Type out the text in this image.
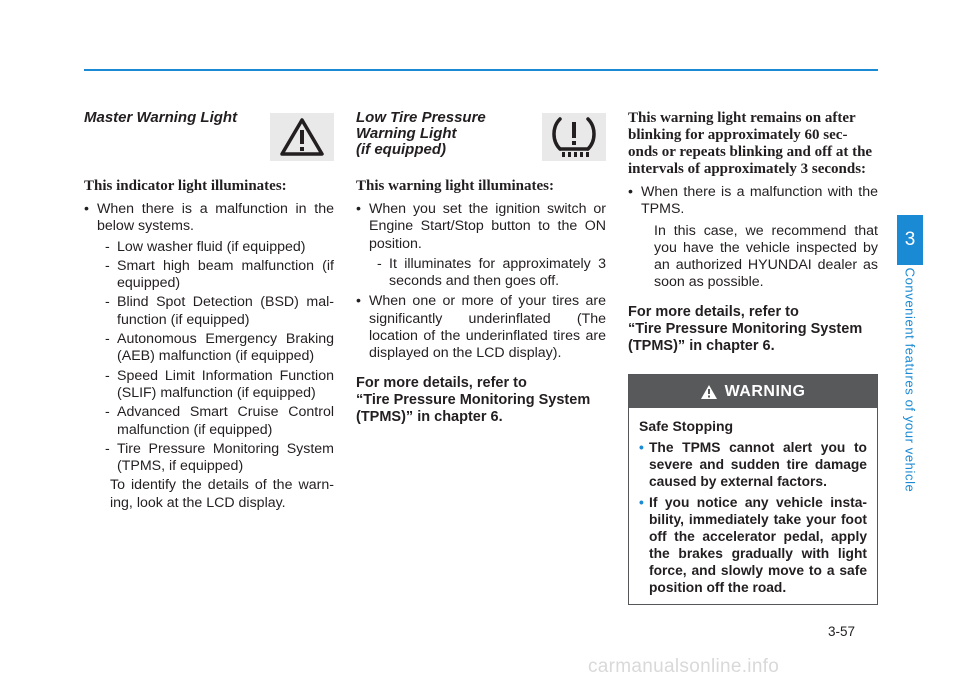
Master Warning Light
This indicator light illuminates:
• When there is a malfunction in the below systems.
- Low washer fluid (if equipped)
- Smart high beam malfunction (if equipped)
- Blind Spot Detection (BSD) mal- function (if equipped)
- Autonomous Emergency Braking (AEB) malfunction (if equipped)
- Speed Limit Information Function (SLIF) malfunction (if equipped)
- Advanced Smart Cruise Control malfunction (if equipped)
- Tire Pressure Monitoring System (TPMS, if equipped)

To identify the details of the warn- ing, look at the LCD display.

Low Tire Pressure
Warning Light
(if equipped)
This warning light illuminates:
• When you set the ignition switch or Engine Start/Stop button to the ON position.
- It illuminates for approximately 3 seconds and then goes off.
• When one or more of your tires are significantly underinflated (The location of the underinflated tires are displayed on the LCD display).
For more details, refer to
“Tire Pressure Monitoring System (TPMS)” in chapter 6.
This warning light remains on after blinking for approximately 60 sec- onds or repeats blinking and off at the intervals of approximately 3 seconds:
• When there is a malfunction with the TPMS.

In this case, we recommend that you have the vehicle inspected by an authorized HYUNDAI dealer as soon as possible.

For more details, refer to
“Tire Pressure Monitoring System (TPMS)” in chapter 6.
WARNING
Safe Stopping
• The TPMS cannot alert you to severe and sudden tire damage caused by external factors.
• If you notice any vehicle insta- bility, immediately take your foot off the accelerator pedal, apply the brakes gradually with light force, and slowly move to a safe position off the road.
3
Convenient features of your vehicle
3-57
carmanualsonline.info
